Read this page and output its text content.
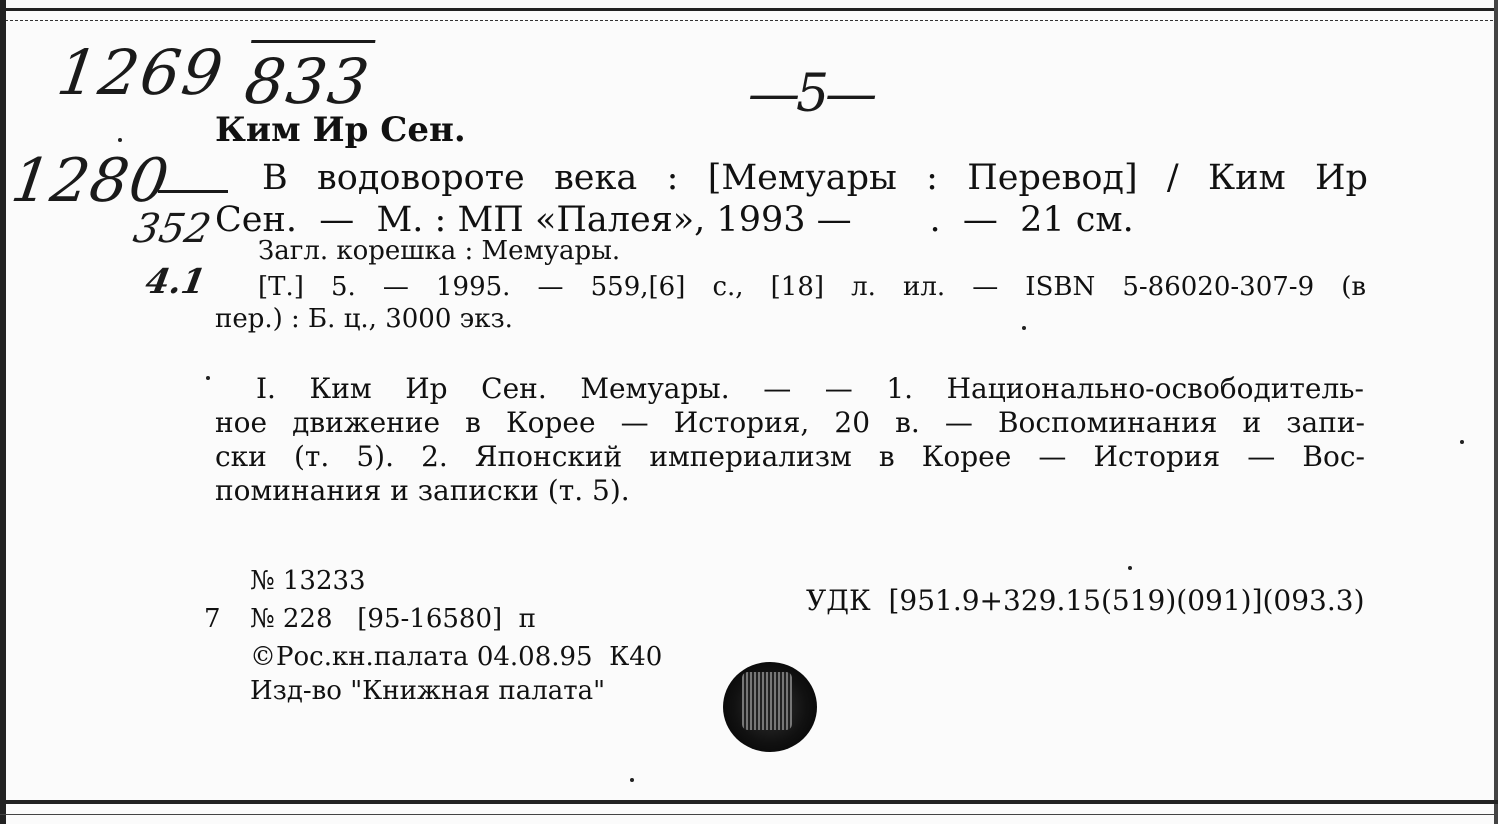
1269 833	—5—
1280
352
4.1

Ким Ир Сен.

В водовороте века : [Мемуары : Перевод] / Ким Ир

Сен.  —  М. : МП «Палея», 1993 —       .  —  21 см.

Загл. корешка : Мемуары.

[Т.] 5. — 1995. — 559,[6] с., [18] л. ил. — ISBN 5-86020-307-9 (в

пер.) : Б. ц., 3000 экз.

I. Ким Ир Сен. Мемуары. — — 1. Национально-освободитель-
ное движение в Корее — История, 20 в. — Воспоминания и запи-
ски (т. 5). 2. Японский империализм в Корее — История — Вос-

поминания и записки (т. 5).

№ 13233

7 № 228   [95-16580]  п

©Рос.кн.палата 04.08.95  К40

Изд-во "Книжная палата"

УДК  [951.9+329.15(519)(091)](093.3)
